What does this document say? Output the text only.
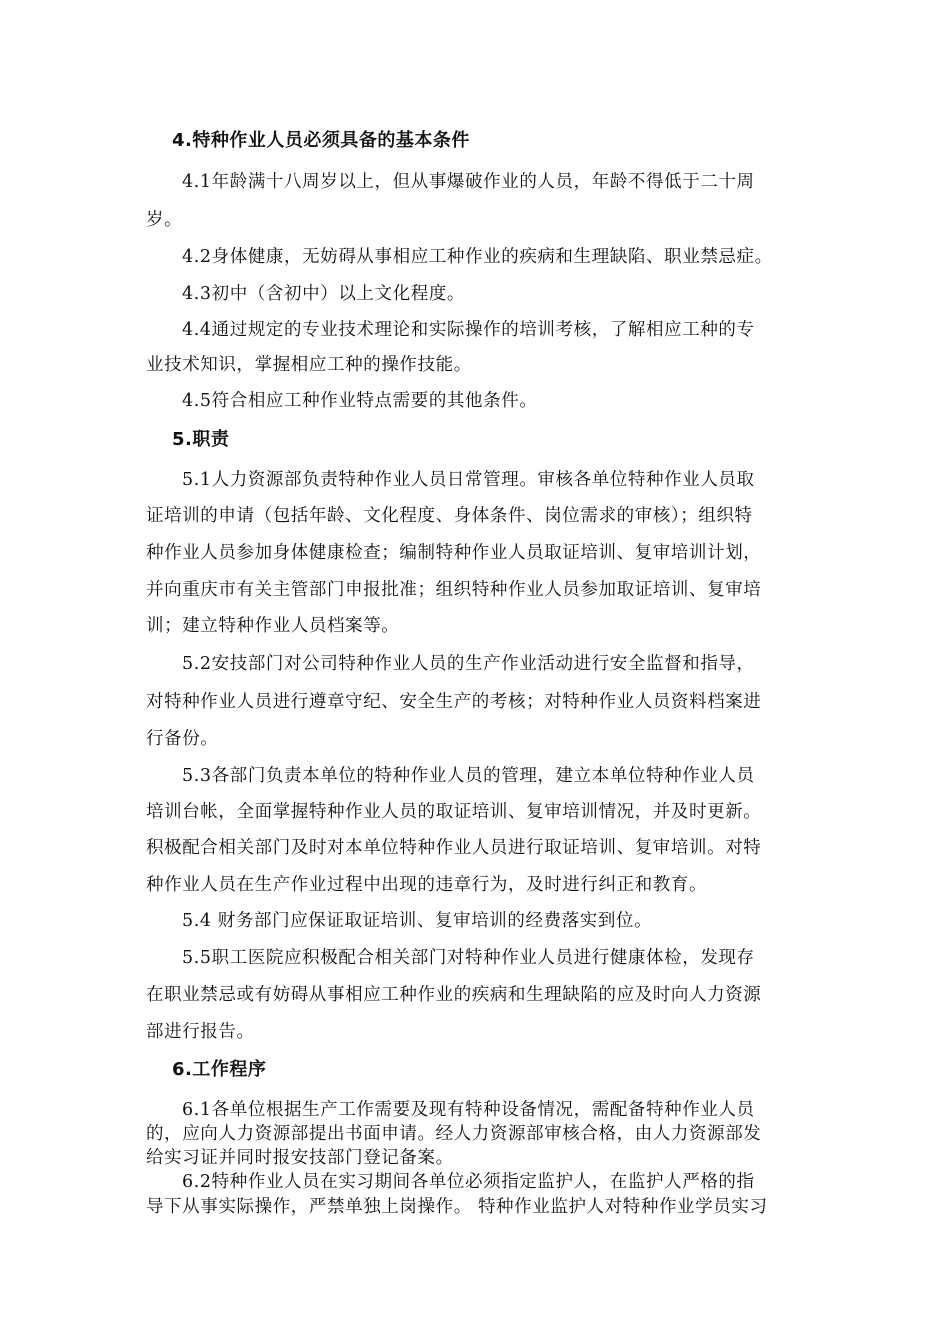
4.特种作业人员必须具备的基本条件
4.1年龄满十八周岁以上，但从事爆破作业的人员，年龄不得低于二十周
岁。
4.2身体健康，无妨碍从事相应工种作业的疾病和生理缺陷、职业禁忌症。
4.3初中（含初中）以上文化程度。
4.4通过规定的专业技术理论和实际操作的培训考核，了解相应工种的专
业技术知识，掌握相应工种的操作技能。
4.5符合相应工种作业特点需要的其他条件。
5.职责
5.1人力资源部负责特种作业人员日常管理。审核各单位特种作业人员取
证培训的申请（包括年龄、文化程度、身体条件、岗位需求的审核）；组织特
种作业人员参加身体健康检查；编制特种作业人员取证培训、复审培训计划，
并向重庆市有关主管部门申报批准；组织特种作业人员参加取证培训、复审培
训；建立特种作业人员档案等。
5.2安技部门对公司特种作业人员的生产作业活动进行安全监督和指导，
对特种作业人员进行遵章守纪、安全生产的考核；对特种作业人员资料档案进
行备份。
5.3各部门负责本单位的特种作业人员的管理，建立本单位特种作业人员
培训台帐，全面掌握特种作业人员的取证培训、复审培训情况，并及时更新。
积极配合相关部门及时对本单位特种作业人员进行取证培训、复审培训。对特
种作业人员在生产作业过程中出现的违章行为，及时进行纠正和教育。
5.4 财务部门应保证取证培训、复审培训的经费落实到位。
5.5职工医院应积极配合相关部门对特种作业人员进行健康体检，发现存
在职业禁忌或有妨碍从事相应工种作业的疾病和生理缺陷的应及时向人力资源
部进行报告。
6.工作程序
6.1各单位根据生产工作需要及现有特种设备情况，需配备特种作业人员
的，应向人力资源部提出书面申请。经人力资源部审核合格，由人力资源部发
给实习证并同时报安技部门登记备案。
6.2特种作业人员在实习期间各单位必须指定监护人，在监护人严格的指
导下从事实际操作，严禁单独上岗操作。 特种作业监护人对特种作业学员实习
